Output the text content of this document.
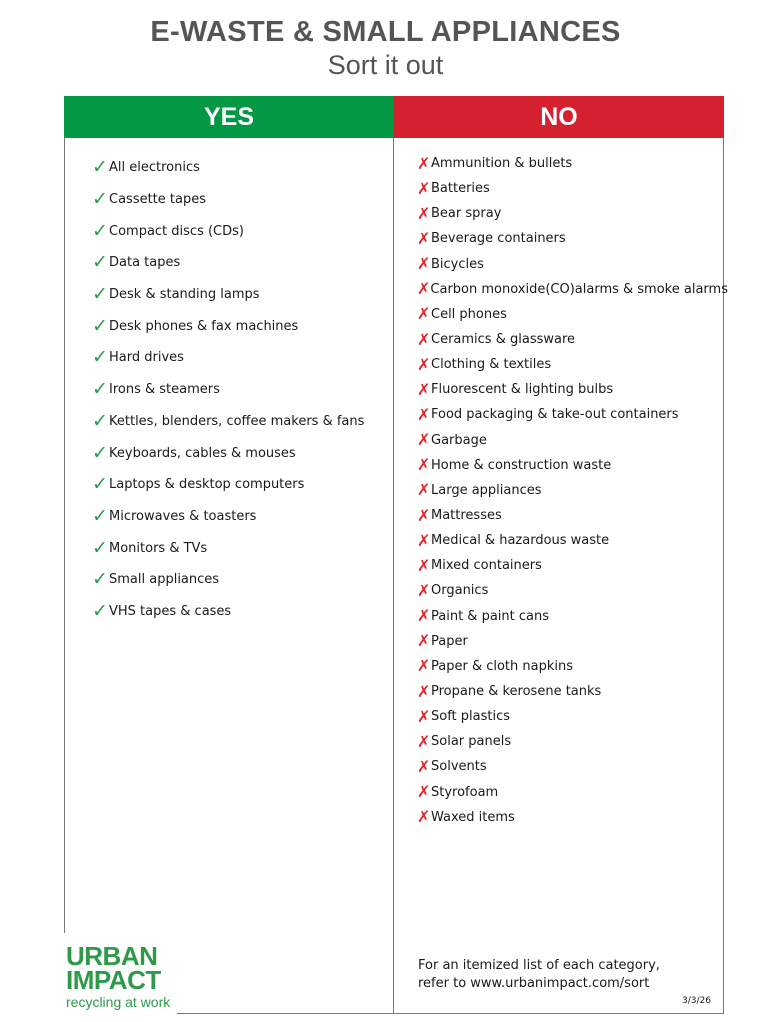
E-WASTE & SMALL APPLIANCES
Sort it out
YES	NO
✓ All electronics
✓ Cassette tapes
✓ Compact discs (CDs)
✓ Data tapes
✓ Desk & standing lamps
✓ Desk phones & fax machines
✓ Hard drives
✓ Irons & steamers
✓ Kettles, blenders, coffee makers & fans
✓ Keyboards, cables & mouses
✓ Laptops & desktop computers
✓ Microwaves & toasters
✓ Monitors & TVs
✓ Small appliances
✓ VHS tapes & cases
✗ Ammunition & bullets
✗ Batteries
✗ Bear spray
✗ Beverage containers
✗ Bicycles
✗ Carbon monoxide(CO)alarms & smoke alarms
✗ Cell phones
✗ Ceramics & glassware
✗ Clothing & textiles
✗ Fluorescent & lighting bulbs
✗ Food packaging & take-out containers
✗ Garbage
✗ Home & construction waste
✗ Large appliances
✗ Mattresses
✗ Medical & hazardous waste
✗ Mixed containers
✗ Organics
✗ Paint & paint cans
✗ Paper
✗ Paper & cloth napkins
✗ Propane & kerosene tanks
✗ Soft plastics
✗ Solar panels
✗ Solvents
✗ Styrofoam
✗ Waxed items
For an itemized list of each category,
refer to www.urbanimpact.com/sort
3/3/26
URBAN
IMPACT
recycling at work
